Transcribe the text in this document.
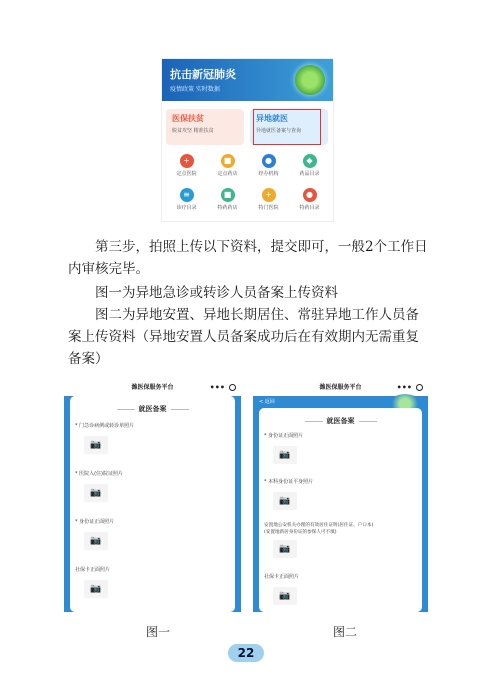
抗击新冠肺炎
疫情政策 实时数据
医保扶贫
脱贫攻坚 精准扶贫
异地就医
异地就医备案与查询
+
定点医院
■
定点药店
●
经办机构
◆
药品目录
≡
诊疗目录
■
特药药店
+
特门医院
●
特药目录
第三步，拍照上传以下资料，提交即可，一般2个工作日内审核完毕。
图一为异地急诊或转诊人员备案上传资料
图二为异地安置、异地长期居住、常驻异地工作人员备案上传资料（异地安置人员备案成功后在有效期内无需重复备案）
潍医保服务平台	•••
就医备案
* 门急诊病例或转诊单照片
📷
* 医院入(住)院证照片
📷
* 身份证正面照片
📷
社保卡正面照片
📷
潍医保服务平台	•••
< 返回
就医备案
* 身份证正面照片
📷
* 本科身份证平身照片
📷
安置地公安机关办理的有效居住证明(居住证、户口本)
(安置地新居身份证的参保人可不填)
📷
社保卡正面照片
📷
图一	图二
22
